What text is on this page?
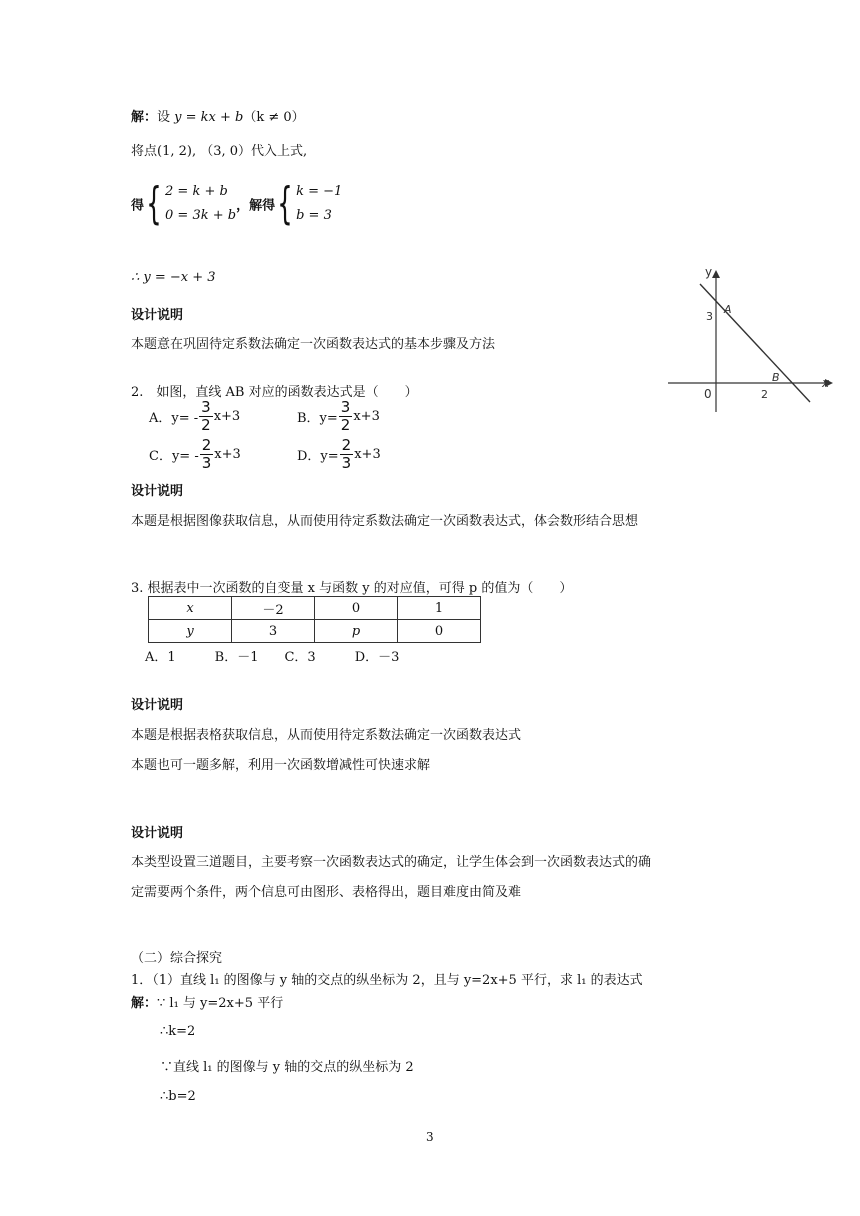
解：设 y = kx + b（k ≠ 0）
将点(1, 2), （3, 0）代入上式,
得{ 2 = k + b
0 = 3k + b
，解得{ k = −1
b = 3
∴ y = −x + 3
设计说明
本题意在巩固待定系数法确定一次函数表达式的基本步骤及方法
y
x
0
3
2
A
B
2.　如图，直线 AB 对应的函数表达式是（　　）
A．$y= - \frac{3}{2} x+3$	B．$y= \frac{3}{2} x+3$
C．$y= - \frac{2}{3} x+3$	D．$y= \frac{2}{3} x+3$
设计说明
本题是根据图像获取信息，从而使用待定系数法确定一次函数表达式，体会数形结合思想
3. 根据表中一次函数的自变量 x 与函数 y 的对应值，可得 p 的值为（　　）
x	－2	0	1
y	3	p	0
A．1　　　B．－1　　C．3　　　D．－3
设计说明
本题是根据表格获取信息，从而使用待定系数法确定一次函数表达式
本题也可一题多解，利用一次函数增减性可快速求解
设计说明
本类型设置三道题目，主要考察一次函数表达式的确定，让学生体会到一次函数表达式的确
定需要两个条件，两个信息可由图形、表格得出，题目难度由简及难
（二）综合探究
1．（1）直线 l₁ 的图像与 y 轴的交点的纵坐标为 2，且与 y=2x+5 平行，求 l₁ 的表达式
解：∵ l₁ 与 y=2x+5 平行
∴k=2
∵直线 l₁ 的图像与 y 轴的交点的纵坐标为 2
∴b=2
3
